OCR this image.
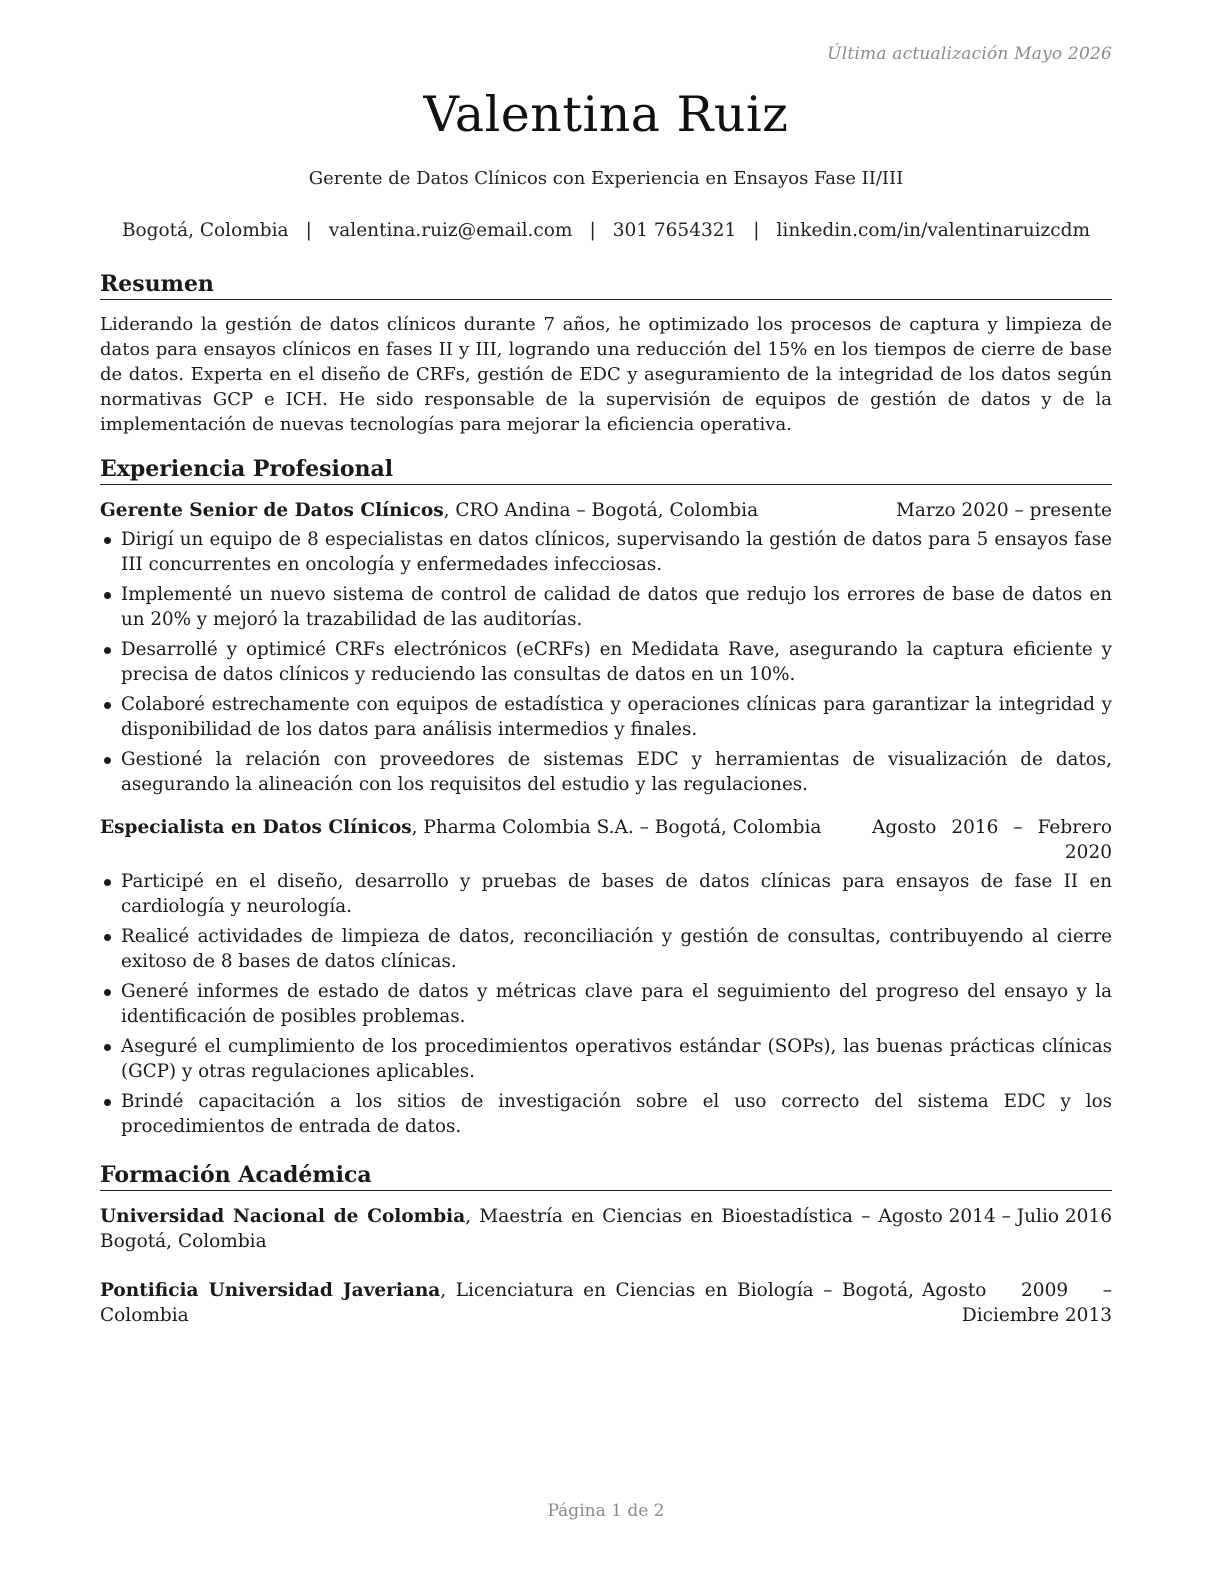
Última actualización Mayo 2026
Valentina Ruiz
Gerente de Datos Clínicos con Experiencia en Ensayos Fase II/III
Bogotá, Colombia | valentina.ruiz@email.com | 301 7654321 | linkedin.com/in/valentinaruizcdm
Resumen

Liderando la gestión de datos clínicos durante 7 años, he optimizado los procesos de captura y limpieza de datos para ensayos clínicos en fases II y III, logrando una reducción del 15% en los tiempos de cierre de base de datos. Experta en el diseño de CRFs, gestión de EDC y aseguramiento de la integridad de los datos según normativas GCP e ICH. He sido responsable de la supervisión de equipos de gestión de datos y de la implementación de nuevas tecnologías para mejorar la eficiencia operativa.

Experiencia Profesional
Gerente Senior de Datos Clínicos, CRO Andina – Bogotá, Colombia	Marzo 2020 – presente
Dirigí un equipo de 8 especialistas en datos clínicos, supervisando la gestión de datos para 5 ensayos fase III concurrentes en oncología y enfermedades infecciosas.
Implementé un nuevo sistema de control de calidad de datos que redujo los errores de base de datos en un 20% y mejoró la trazabilidad de las auditorías.
Desarrollé y optimicé CRFs electrónicos (eCRFs) en Medidata Rave, asegurando la captura eficiente y precisa de datos clínicos y reduciendo las consultas de datos en un 10%.
Colaboré estrechamente con equipos de estadística y operaciones clínicas para garantizar la integridad y disponibilidad de los datos para análisis intermedios y finales.
Gestioné la relación con proveedores de sistemas EDC y herramientas de visualización de datos, asegurando la alineación con los requisitos del estudio y las regulaciones.
Especialista en Datos Clínicos, Pharma Colombia S.A. – Bogotá, Colombia	Agosto 2016 – Febrero 2020
Participé en el diseño, desarrollo y pruebas de bases de datos clínicas para ensayos de fase II en cardiología y neurología.
Realicé actividades de limpieza de datos, reconciliación y gestión de consultas, contribuyendo al cierre exitoso de 8 bases de datos clínicas.
Generé informes de estado de datos y métricas clave para el seguimiento del progreso del ensayo y la identificación de posibles problemas.
Aseguré el cumplimiento de los procedimientos operativos estándar (SOPs), las buenas prácticas clínicas (GCP) y otras regulaciones aplicables.
Brindé capacitación a los sitios de investigación sobre el uso correcto del sistema EDC y los procedimientos de entrada de datos.
Formación Académica
Universidad Nacional de Colombia, Maestría en Ciencias en Bioestadística – Bogotá, Colombia
Agosto 2014 – Julio 2016
Pontificia Universidad Javeriana, Licenciatura en Ciencias en Biología – Bogotá, Colombia
Agosto 2009 – Diciembre 2013
Página 1 de 2
